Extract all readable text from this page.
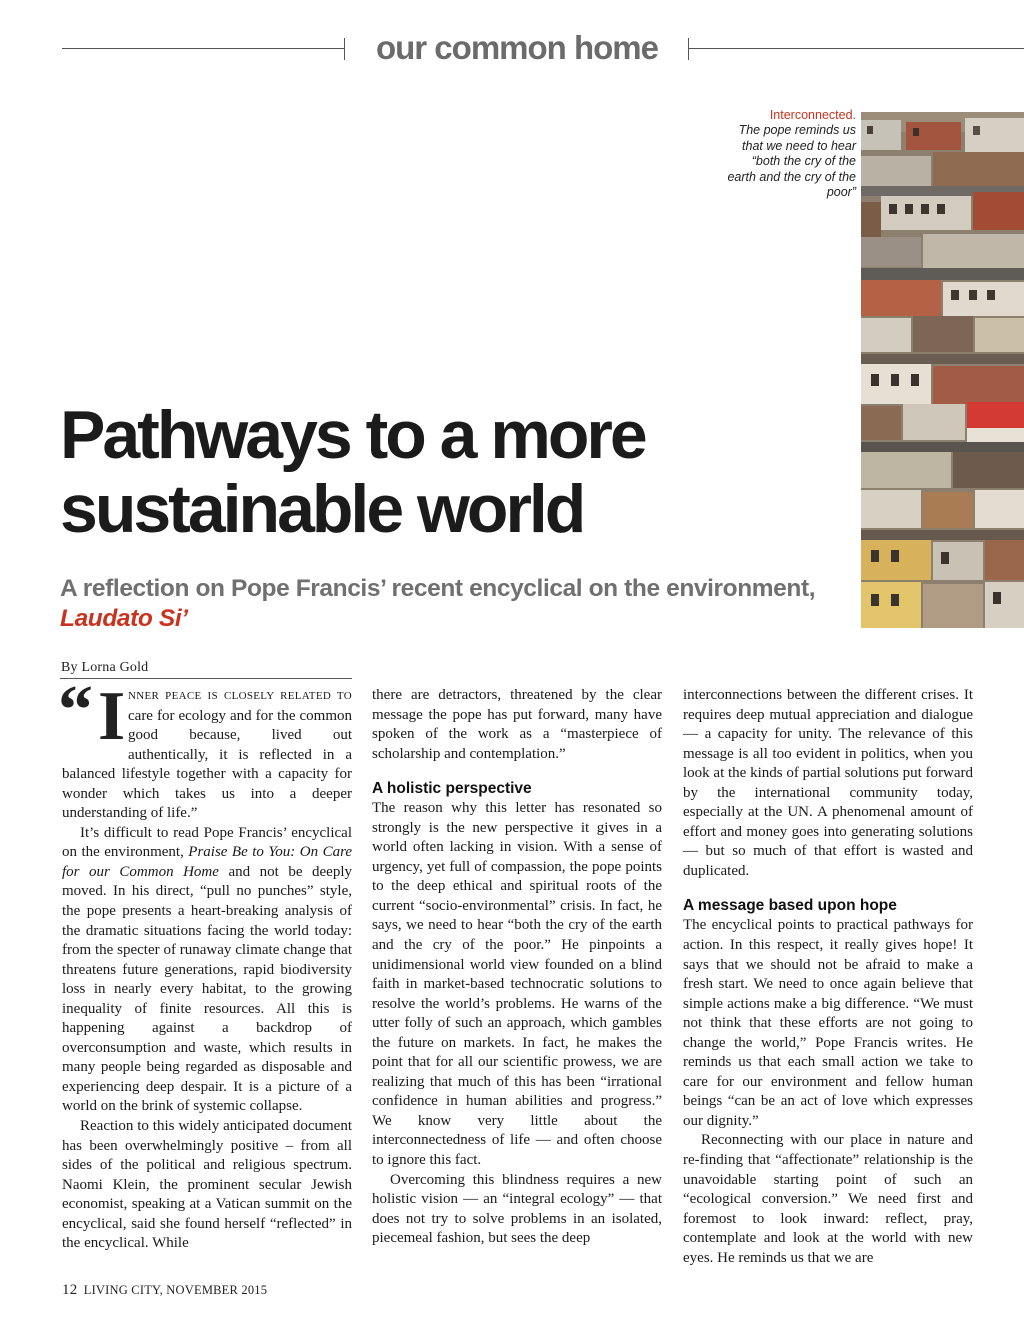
our common home
Interconnected.
The pope reminds us that we need to hear “both the cry of the earth and the cry of the poor”
Pathways to a more
sustainable world
A reflection on Pope Francis’ recent encyclical on the environment, Laudato Si’
By Lorna Gold

“ I NNER PEACE IS CLOSELY RELATED TO care for ecology and for the common good because, lived out authentically, it is reflected in a balanced lifestyle together with a capacity for wonder which takes us into a deeper understanding of life.”

It’s difficult to read Pope Francis’ encyclical on the environment, Praise Be to You: On Care for our Common Home and not be deeply moved. In his direct, “pull no punches” style, the pope presents a heart-breaking analysis of the dramatic situations facing the world today: from the specter of runaway climate change that threatens future generations, rapid biodiversity loss in nearly every habitat, to the growing inequality of finite resources. All this is happening against a backdrop of overconsumption and waste, which results in many people being regarded as disposable and experiencing deep despair. It is a picture of a world on the brink of systemic collapse.

Reaction to this widely anticipated document has been overwhelmingly positive – from all sides of the political and religious spectrum. Naomi Klein, the prominent secular Jewish economist, speaking at a Vatican summit on the encyclical, said she found herself “reflected” in the encyclical. While

there are detractors, threatened by the clear message the pope has put forward, many have spoken of the work as a “masterpiece of scholarship and contemplation.”

A holistic perspective

The reason why this letter has resonated so strongly is the new perspective it gives in a world often lacking in vision. With a sense of urgency, yet full of compassion, the pope points to the deep ethical and spiritual roots of the current “socio-environmental” crisis. In fact, he says, we need to hear “both the cry of the earth and the cry of the poor.” He pinpoints a unidimensional world view founded on a blind faith in market-based technocratic solutions to resolve the world’s problems. He warns of the utter folly of such an approach, which gambles the future on markets. In fact, he makes the point that for all our scientific prowess, we are realizing that much of this has been “irrational confidence in human abilities and progress.” We know very little about the interconnectedness of life — and often choose to ignore this fact.

Overcoming this blindness requires a new holistic vision — an “integral ecology” — that does not try to solve problems in an isolated, piecemeal fashion, but sees the deep

interconnections between the different crises. It requires deep mutual appreciation and dialogue — a capacity for unity. The relevance of this message is all too evident in politics, when you look at the kinds of partial solutions put forward by the international community today, especially at the UN. A phenomenal amount of effort and money goes into generating solutions — but so much of that effort is wasted and duplicated.

A message based upon hope

The encyclical points to practical pathways for action. In this respect, it really gives hope! It says that we should not be afraid to make a fresh start. We need to once again believe that simple actions make a big difference. “We must not think that these efforts are not going to change the world,” Pope Francis writes. He reminds us that each small action we take to care for our environment and fellow human beings “can be an act of love which expresses our dignity.”

Reconnecting with our place in nature and re-finding that “affectionate” relationship is the unavoidable starting point of such an “ecological conversion.” We need first and foremost to look inward: reflect, pray, contemplate and look at the world with new eyes. He reminds us that we are

12 LIVING CITY, NOVEMBER 2015
